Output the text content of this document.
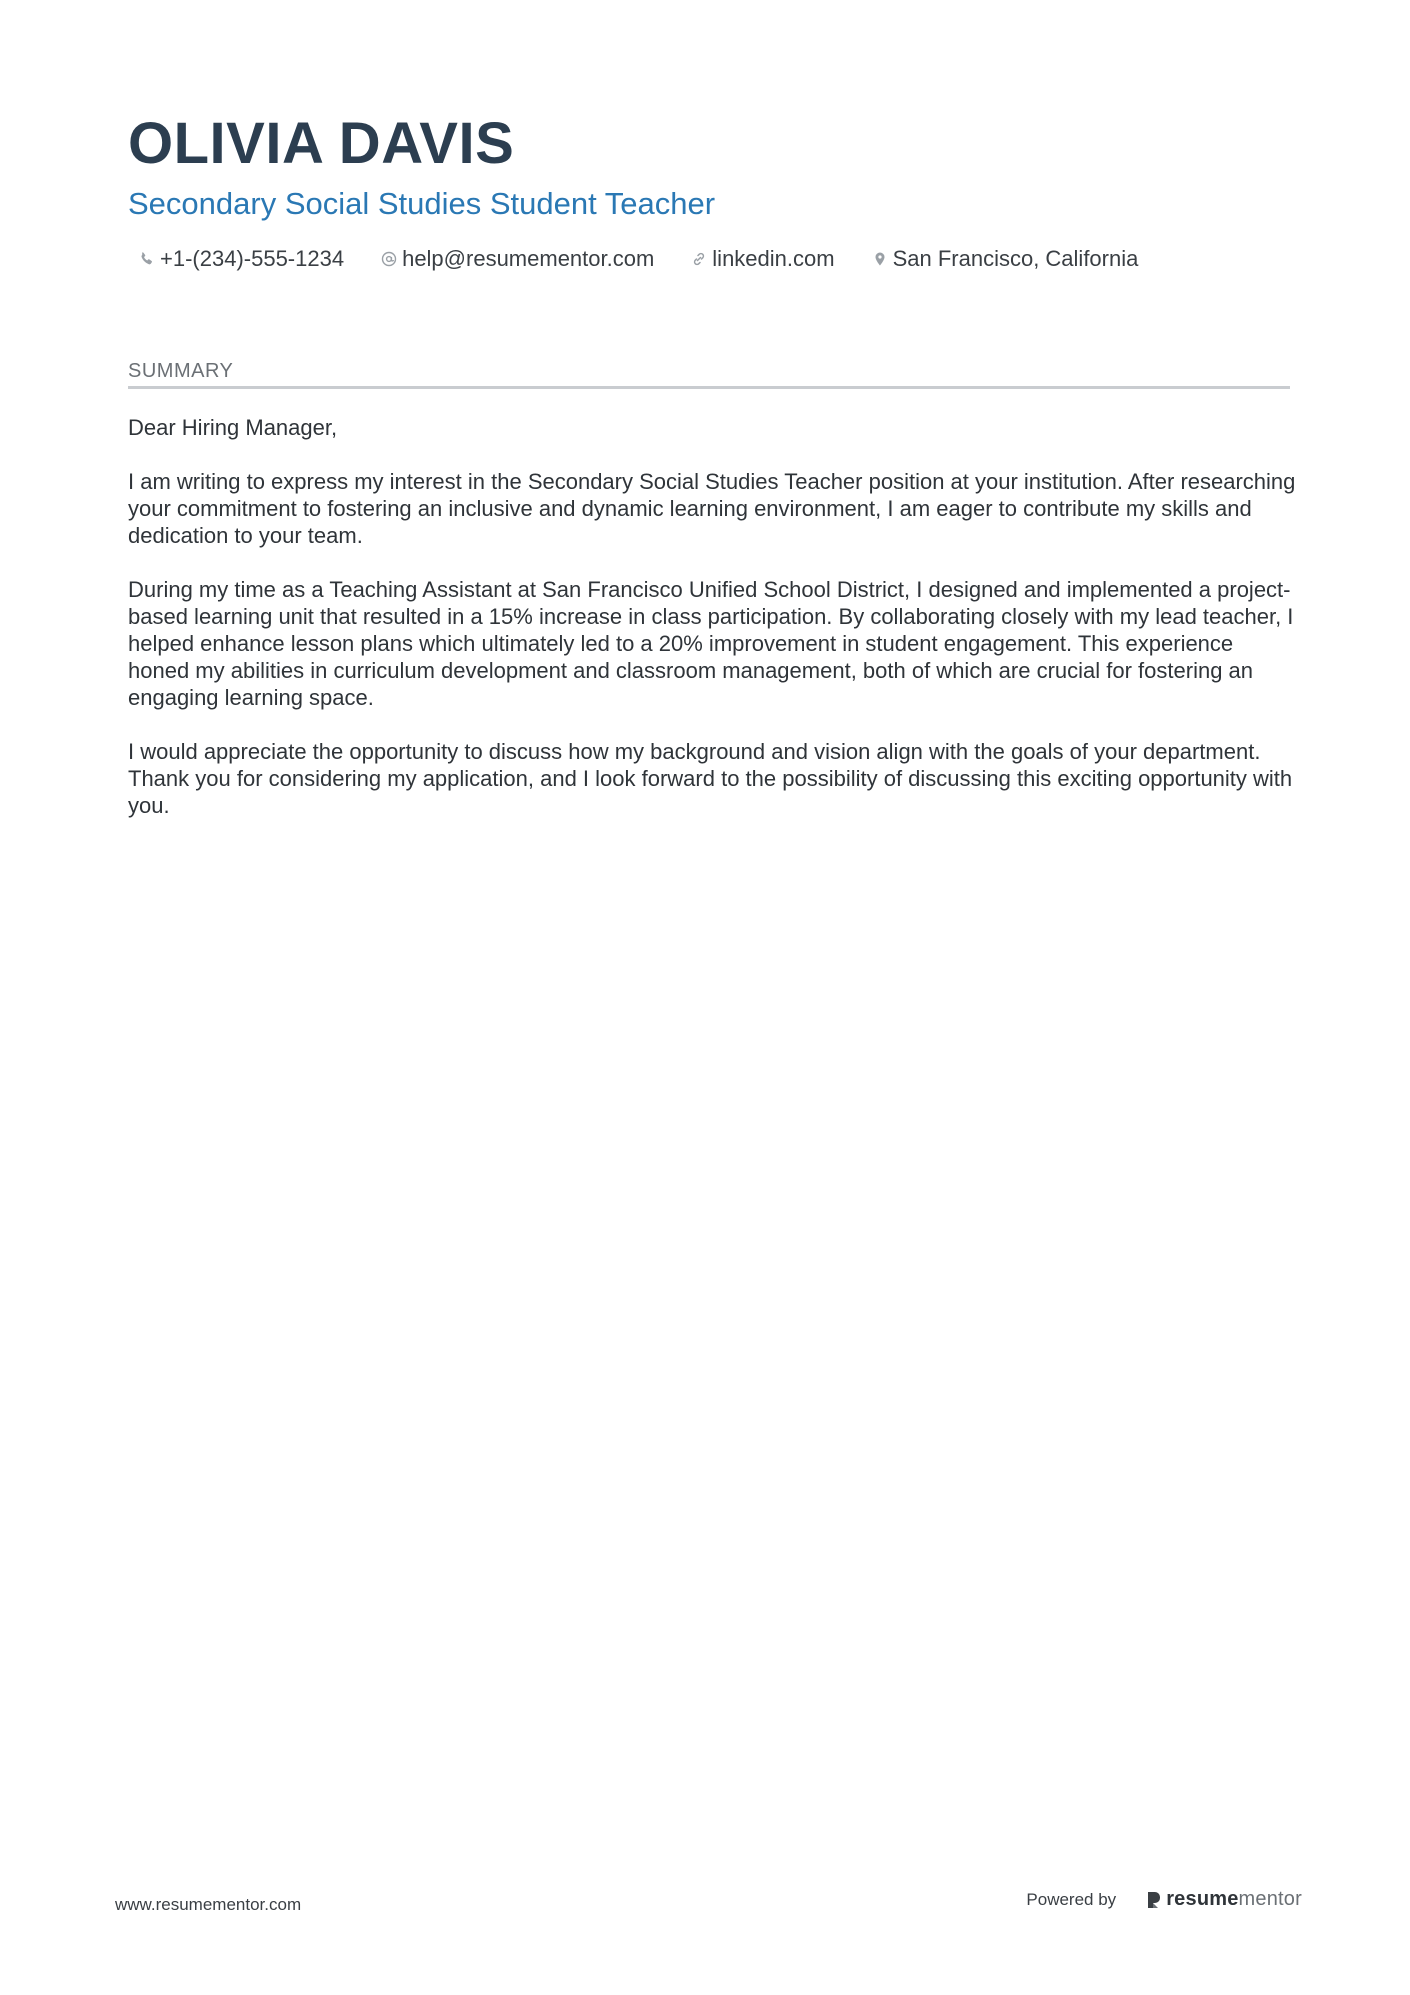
OLIVIA DAVIS
Secondary Social Studies Student Teacher
+1-(234)-555-1234	help@resumementor.com	linkedin.com	San Francisco, California
SUMMARY

Dear Hiring Manager,

I am writing to express my interest in the Secondary Social Studies Teacher position at your institution. After researching your commitment to fostering an inclusive and dynamic learning environment, I am eager to contribute my skills and dedication to your team.

During my time as a Teaching Assistant at San Francisco Unified School District, I designed and implemented a project-based learning unit that resulted in a 15% increase in class participation. By collaborating closely with my lead teacher, I helped enhance lesson plans which ultimately led to a 20% improvement in student engagement. This experience honed my abilities in curriculum development and classroom management, both of which are crucial for fostering an engaging learning space.

I would appreciate the opportunity to discuss how my background and vision align with the goals of your department. Thank you for considering my application, and I look forward to the possibility of discussing this exciting opportunity with you.

www.resumementor.com	Powered by	resume mentor
